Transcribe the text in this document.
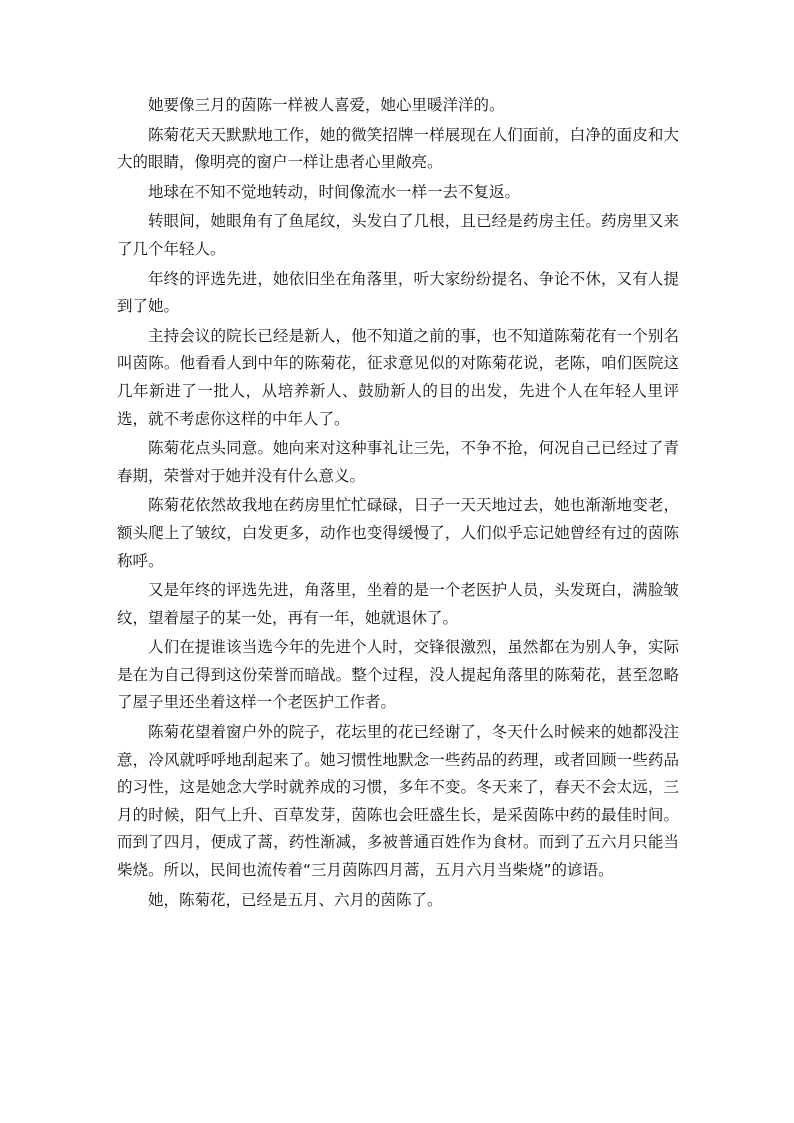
她要像三月的茵陈一样被人喜爱，她心里暖洋洋的。

陈菊花天天默默地工作，她的微笑招牌一样展现在人们面前，白净的面皮和大大的眼睛，像明亮的窗户一样让患者心里敞亮。

地球在不知不觉地转动，时间像流水一样一去不复返。

转眼间，她眼角有了鱼尾纹，头发白了几根，且已经是药房主任。药房里又来了几个年轻人。

年终的评选先进，她依旧坐在角落里，听大家纷纷提名、争论不休，又有人提到了她。

主持会议的院长已经是新人，他不知道之前的事，也不知道陈菊花有一个别名叫茵陈。他看看人到中年的陈菊花，征求意见似的对陈菊花说，老陈，咱们医院这几年新进了一批人，从培养新人、鼓励新人的目的出发，先进个人在年轻人里评选，就不考虑你这样的中年人了。

陈菊花点头同意。她向来对这种事礼让三先，不争不抢，何况自己已经过了青春期，荣誉对于她并没有什么意义。

陈菊花依然故我地在药房里忙忙碌碌，日子一天天地过去，她也渐渐地变老，额头爬上了皱纹，白发更多，动作也变得缓慢了，人们似乎忘记她曾经有过的茵陈称呼。

又是年终的评选先进，角落里，坐着的是一个老医护人员，头发斑白，满脸皱纹，望着屋子的某一处，再有一年，她就退休了。

人们在提谁该当选今年的先进个人时，交锋很激烈，虽然都在为别人争，实际是在为自己得到这份荣誉而暗战。整个过程，没人提起角落里的陈菊花，甚至忽略了屋子里还坐着这样一个老医护工作者。

陈菊花望着窗户外的院子，花坛里的花已经谢了，冬天什么时候来的她都没注意，冷风就呼呼地刮起来了。她习惯性地默念一些药品的药理，或者回顾一些药品的习性，这是她念大学时就养成的习惯，多年不变。冬天来了，春天不会太远，三月的时候，阳气上升、百草发芽，茵陈也会旺盛生长，是采茵陈中药的最佳时间。而到了四月，便成了蒿，药性渐减，多被普通百姓作为食材。而到了五六月只能当柴烧。所以，民间也流传着“三月茵陈四月蒿，五月六月当柴烧”的谚语。

她，陈菊花，已经是五月、六月的茵陈了。
